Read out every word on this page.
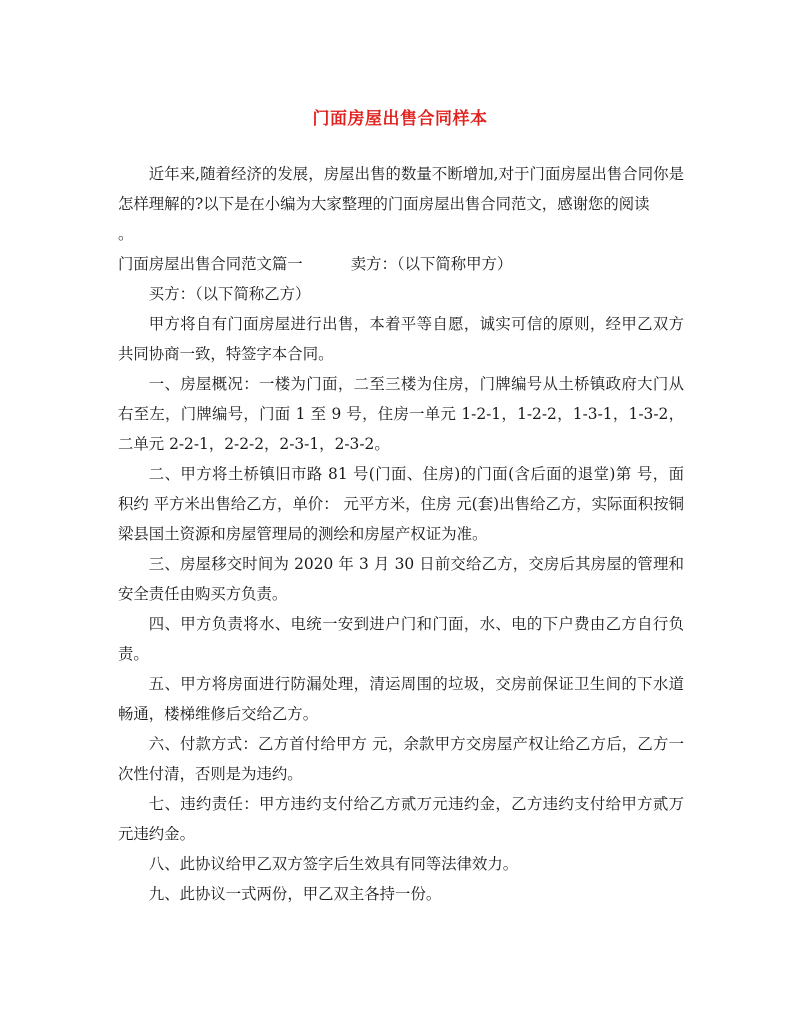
门面房屋出售合同样本

近年来,随着经济的发展，房屋出售的数量不断增加,对于门面房屋出售合同你是怎样理解的?以下是在小编为大家整理的门面房屋出售合同范文，感谢您的阅读

。

门面房屋出售合同范文篇一	卖方：（以下简称甲方）

买方：（以下简称乙方）

甲方将自有门面房屋进行出售，本着平等自愿，诚实可信的原则，经甲乙双方共同协商一致，特签字本合同。

一、房屋概况：一楼为门面，二至三楼为住房，门牌编号从土桥镇政府大门从右至左，门牌编号，门面 1 至 9 号，住房一单元 1-2-1，1-2-2，1-3-1，1-3-2，二单元 2-2-1，2-2-2，2-3-1，2-3-2。

二、甲方将土桥镇旧市路 81 号(门面、住房)的门面(含后面的退堂)第 号，面积约 平方米出售给乙方，单价： 元平方米，住房 元(套)出售给乙方，实际面积按铜梁县国土资源和房屋管理局的测绘和房屋产权证为准。

三、房屋移交时间为 2020 年 3 月 30 日前交给乙方，交房后其房屋的管理和安全责任由购买方负责。

四、甲方负责将水、电统一安到进户门和门面，水、电的下户费由乙方自行负责。

五、甲方将房面进行防漏处理，清运周围的垃圾，交房前保证卫生间的下水道畅通，楼梯维修后交给乙方。

六、付款方式：乙方首付给甲方 元，余款甲方交房屋产权让给乙方后，乙方一次性付清，否则是为违约。

七、违约责任：甲方违约支付给乙方贰万元违约金，乙方违约支付给甲方贰万元违约金。

八、此协议给甲乙双方签字后生效具有同等法律效力。

九、此协议一式两份，甲乙双主各持一份。
